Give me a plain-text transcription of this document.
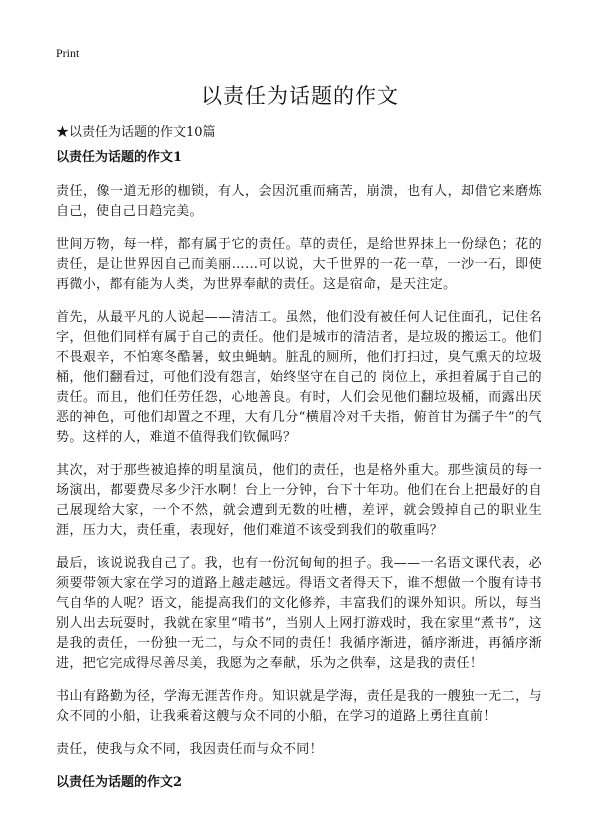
Print
以责任为话题的作文

★以责任为话题的作文10篇

以责任为话题的作文1

责任，像一道无形的枷锁，有人，会因沉重而痛苦，崩溃，也有人，却借它来磨炼自己，使自己日趋完美。

世间万物，每一样，都有属于它的责任。草的责任，是给世界抹上一份绿色；花的责任，是让世界因自己而美丽……可以说，大千世界的一花一草，一沙一石，即使再微小，都有能为人类，为世界奉献的责任。这是宿命，是天注定。

首先，从最平凡的人说起——清洁工。虽然，他们没有被任何人记住面孔，记住名字，但他们同样有属于自己的责任。他们是城市的清洁者，是垃圾的搬运工。他们不畏艰辛，不怕寒冬酷暑，蚊虫蝇蚋。脏乱的厕所，他们打扫过，臭气熏天的垃圾桶，他们翻看过，可他们没有怨言，始终坚守在自己的 岗位上，承担着属于自己的责任。而且，他们任劳任怨，心地善良。有时，人们会见他们翻垃圾桶，而露出厌恶的神色，可他们却置之不理，大有几分“横眉冷对千夫指，俯首甘为孺子牛”的气势。这样的人，难道不值得我们钦佩吗？

其次，对于那些被追捧的明星演员，他们的责任，也是格外重大。那些演员的每一场演出，都要费尽多少汗水啊！台上一分钟，台下十年功。他们在台上把最好的自己展现给大家，一个不然，就会遭到无数的吐槽，差评，就会毁掉自己的职业生涯，压力大，责任重，表现好，他们难道不该受到我们的敬重吗？

最后，该说说我自己了。我，也有一份沉甸甸的担子。我——一名语文课代表，必须要带领大家在学习的道路上越走越远。得语文者得天下，谁不想做一个腹有诗书气自华的人呢？语文，能提高我们的文化修养，丰富我们的课外知识。所以，每当别人出去玩耍时，我就在家里“啃书”，当别人上网打游戏时，我在家里“煮书”，这是我的责任，一份独一无二，与众不同的责任！我循序渐进，循序渐进，再循序渐进，把它完成得尽善尽美，我愿为之奉献，乐为之供奉，这是我的责任！

书山有路勤为径，学海无涯苦作舟。知识就是学海，责任是我的一艘独一无二，与众不同的小船，让我乘着这艘与众不同的小船，在学习的道路上勇往直前！

责任，使我与众不同，我因责任而与众不同！

以责任为话题的作文2
